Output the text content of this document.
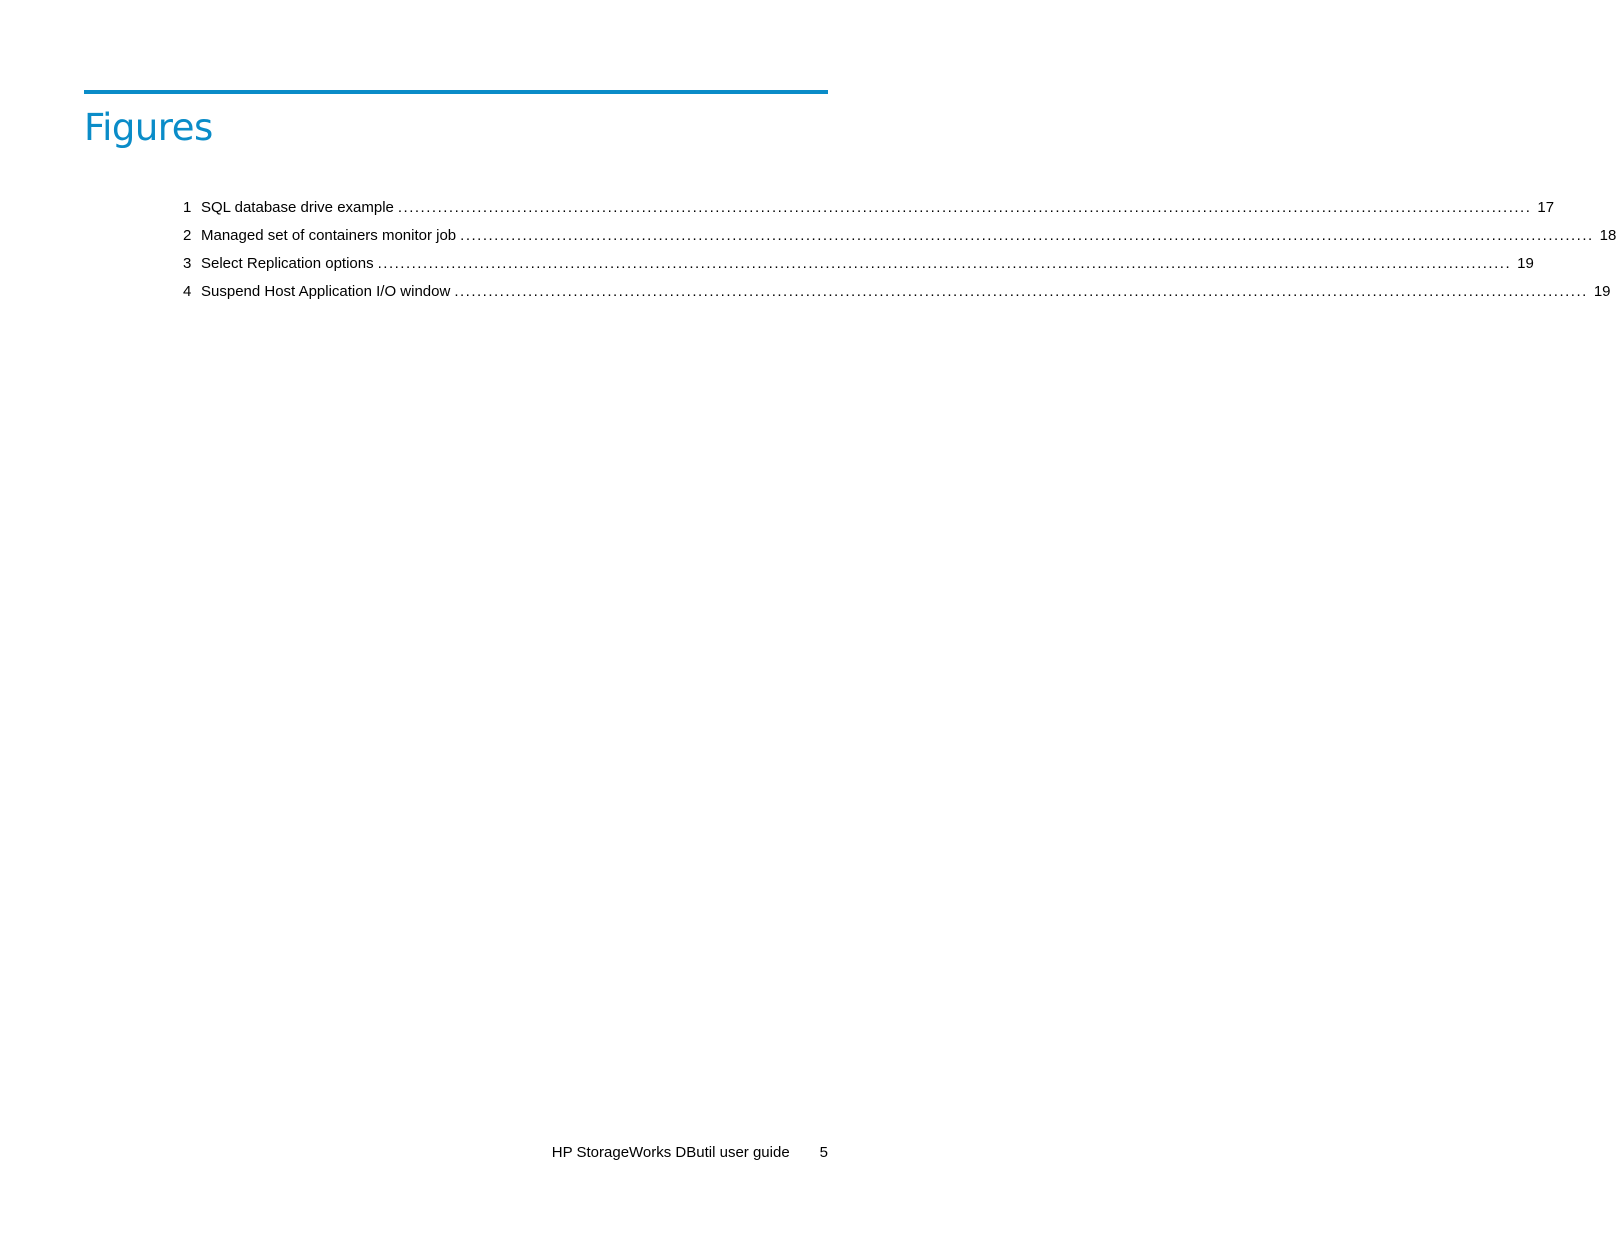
Figures
1 SQL database drive example ........................................................................................................................................................................................................ 17
2 Managed set of containers monitor job ........................................................................................................................................................................................................ 18
3 Select Replication options ........................................................................................................................................................................................................ 19
4 Suspend Host Application I/O window ........................................................................................................................................................................................................ 19
HP StorageWorks DButil user guide 5
